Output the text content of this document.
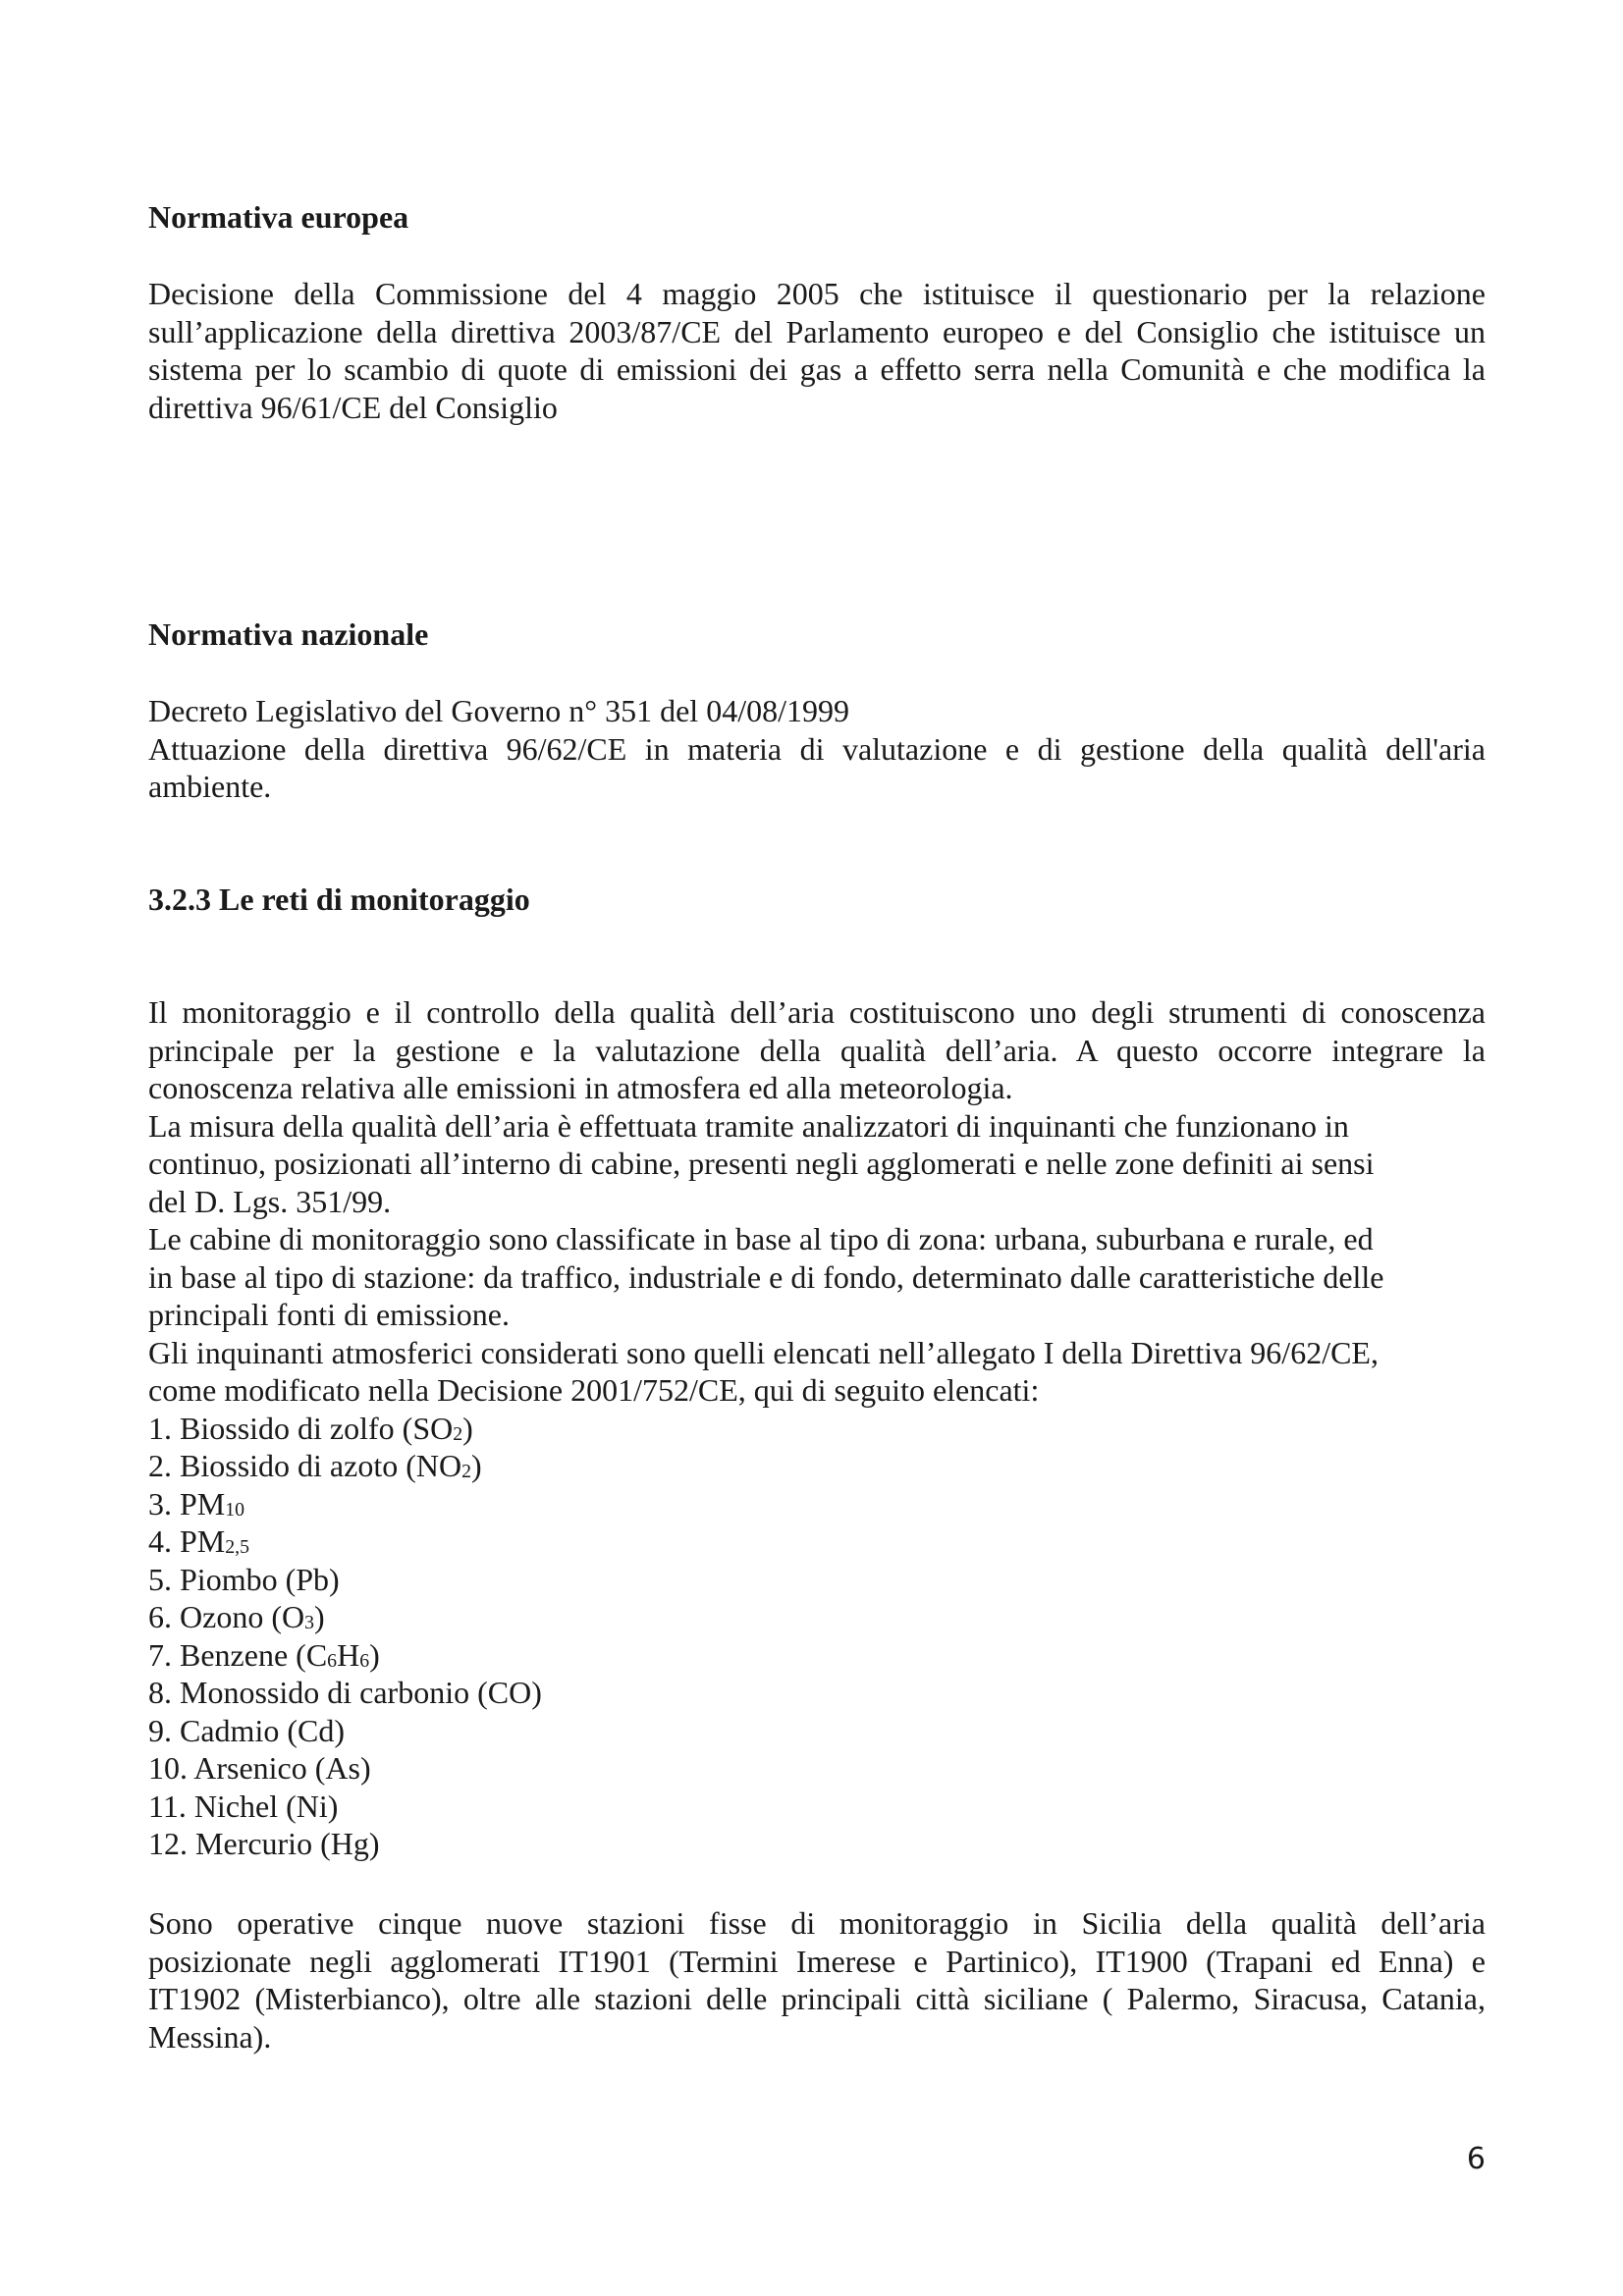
Normativa europea
Decisione della Commissione del 4 maggio 2005 che istituisce il questionario per la relazione
sull’applicazione della direttiva 2003/87/CE del Parlamento europeo e del Consiglio che istituisce un
sistema per lo scambio di quote di emissioni dei gas a effetto serra nella Comunità e che modifica la
direttiva 96/61/CE del Consiglio
Normativa nazionale
Decreto Legislativo del Governo n° 351 del 04/08/1999
Attuazione della direttiva 96/62/CE in materia di valutazione e di gestione della qualità dell'aria
ambiente.
3.2.3 Le reti di monitoraggio
Il monitoraggio e il controllo della qualità dell’aria costituiscono uno degli strumenti di conoscenza
principale per la gestione e la valutazione della qualità dell’aria. A questo occorre integrare la
conoscenza relativa alle emissioni in atmosfera ed alla meteorologia.
La misura della qualità dell’aria è effettuata tramite analizzatori di inquinanti che funzionano in
continuo, posizionati all’interno di cabine, presenti negli agglomerati e nelle zone definiti ai sensi
del D. Lgs. 351/99.
Le cabine di monitoraggio sono classificate in base al tipo di zona: urbana, suburbana e rurale, ed
in base al tipo di stazione: da traffico, industriale e di fondo, determinato dalle caratteristiche delle
principali fonti di emissione.
Gli inquinanti atmosferici considerati sono quelli elencati nell’allegato I della Direttiva 96/62/CE,
come modificato nella Decisione 2001/752/CE, qui di seguito elencati:
1. Biossido di zolfo $(SO_2)$
2. Biossido di azoto $(NO_2)$
3. $PM_{10}$
4. $PM_{2,5}$
5. Piombo (Pb)
6. Ozono $(O_3)$
7. Benzene $(C_6H_6)$
8. Monossido di carbonio (CO)
9. Cadmio (Cd)
10. Arsenico (As)
11. Nichel (Ni)
12. Mercurio (Hg)
Sono operative cinque nuove stazioni fisse di monitoraggio in Sicilia della qualità dell’aria
posizionate negli agglomerati IT1901 (Termini Imerese e Partinico), IT1900 (Trapani ed Enna) e
IT1902 (Misterbianco), oltre alle stazioni delle principali città siciliane ( Palermo, Siracusa, Catania,
Messina).
6
